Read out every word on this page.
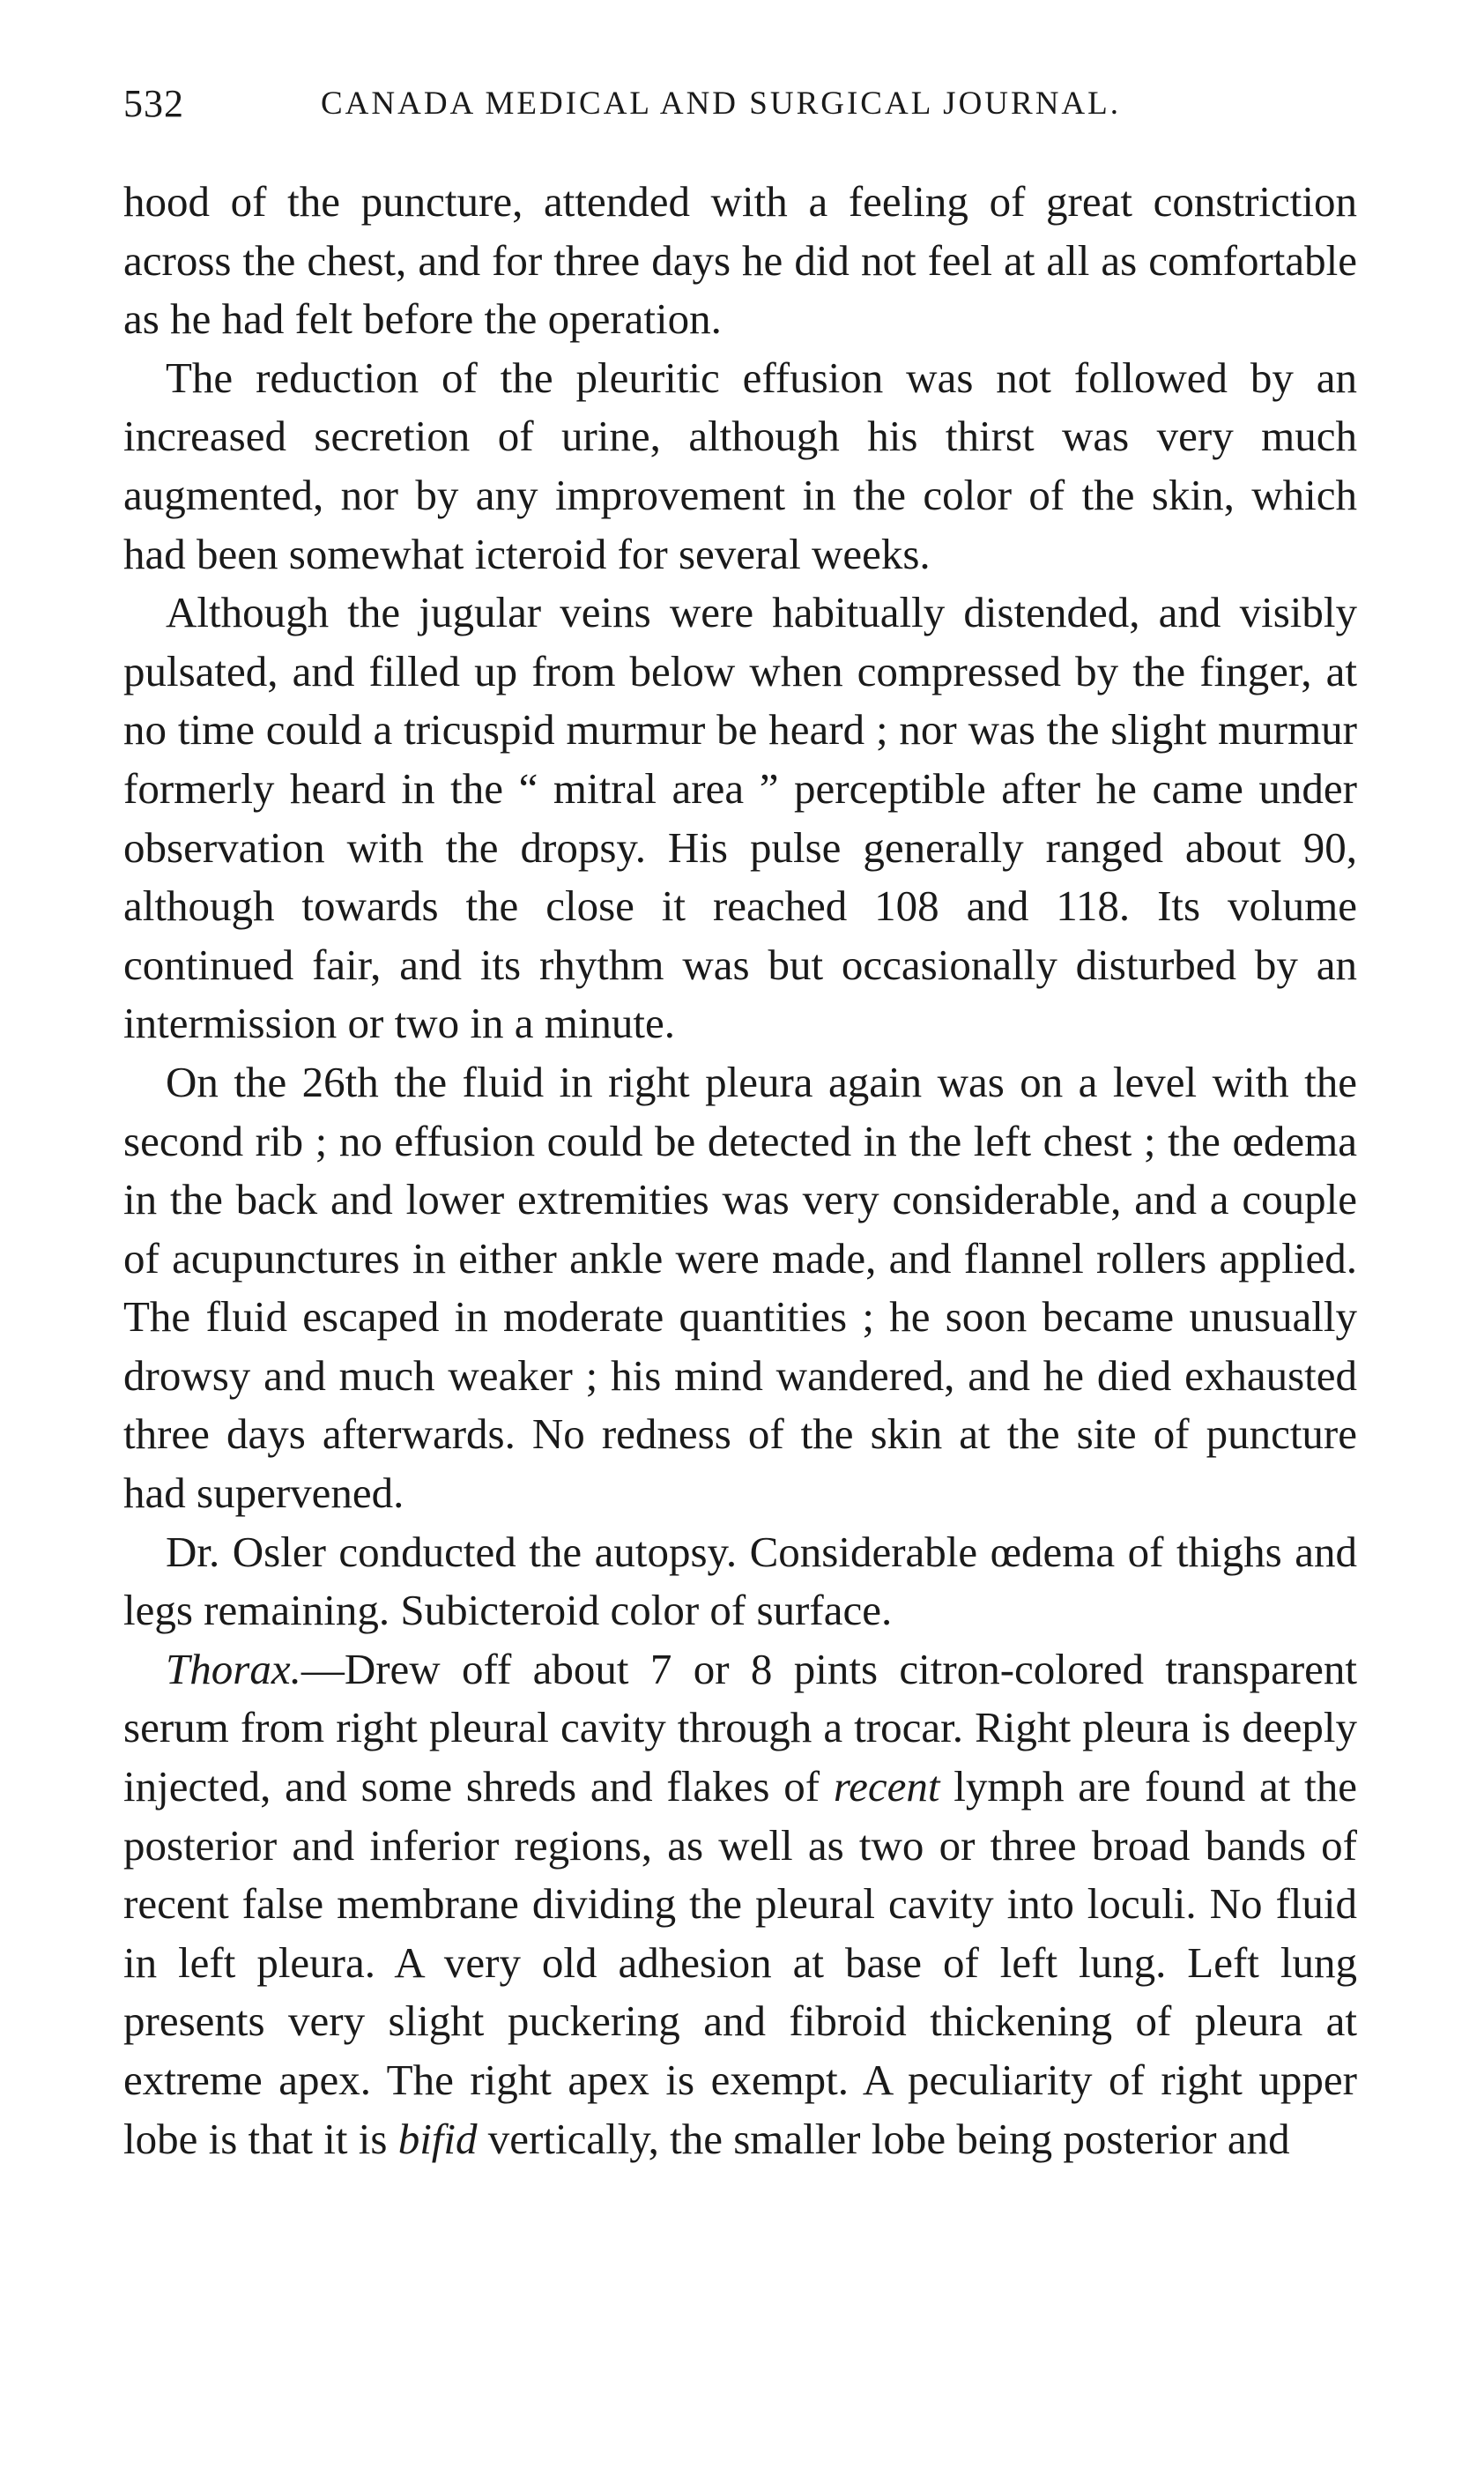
532	CANADA MEDICAL AND SURGICAL JOURNAL.

hood of the puncture, attended with a feeling of great constriction across the chest, and for three days he did not feel at all as comfortable as he had felt before the operation.

The reduction of the pleuritic effusion was not followed by an increased secretion of urine, although his thirst was very much augmented, nor by any improvement in the color of the skin, which had been somewhat icteroid for several weeks.

Although the jugular veins were habitually distended, and visibly pulsated, and filled up from below when compressed by the finger, at no time could a tricuspid murmur be heard ; nor was the slight murmur formerly heard in the “ mitral area ” perceptible after he came under observation with the dropsy. His pulse generally ranged about 90, although towards the close it reached 108 and 118. Its volume continued fair, and its rhythm was but occasionally disturbed by an intermission or two in a minute.

On the 26th the fluid in right pleura again was on a level with the second rib ; no effusion could be detected in the left chest ; the œdema in the back and lower extremities was very considerable, and a couple of acupunctures in either ankle were made, and flannel rollers applied. The fluid escaped in moderate quantities ; he soon became unusually drowsy and much weaker ; his mind wandered, and he died exhausted three days afterwards. No redness of the skin at the site of puncture had supervened.

Dr. Osler conducted the autopsy. Considerable œdema of thighs and legs remaining. Subicteroid color of surface.

Thorax.—Drew off about 7 or 8 pints citron-colored transparent serum from right pleural cavity through a trocar. Right pleura is deeply injected, and some shreds and flakes of recent lymph are found at the posterior and inferior regions, as well as two or three broad bands of recent false membrane dividing the pleural cavity into loculi. No fluid in left pleura. A very old adhesion at base of left lung. Left lung presents very slight puckering and fibroid thickening of pleura at extreme apex. The right apex is exempt. A peculiarity of right upper lobe is that it is bifid vertically, the smaller lobe being posterior and
